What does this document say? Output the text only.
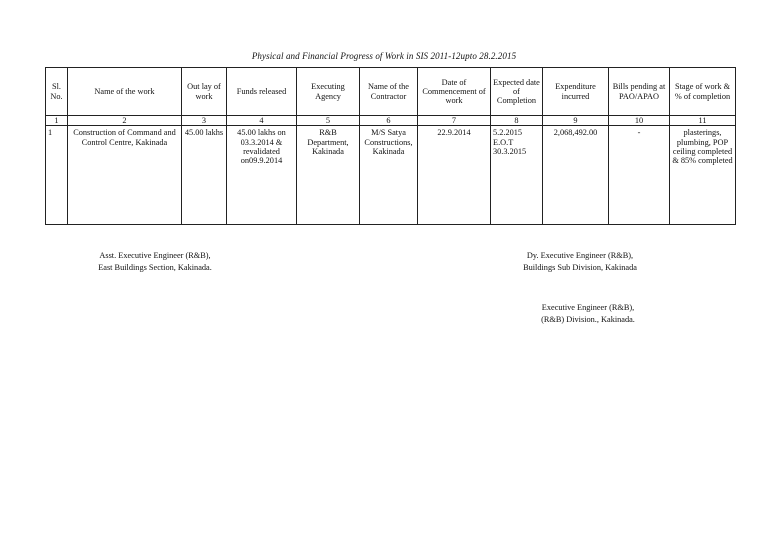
Physical and Financial Progress of Work in SIS 2011-12upto 28.2.2015
Sl. No.	Name of the work	Out lay of work	Funds released	Executing Agency	Name of the Contractor	Date of Commencement of work	Expected date of Completion	Expenditure incurred	Bills pending at PAO/APAO	Stage of work & % of completion
1	2	3	4	5	6	7	8	9	10	11
1	Construction of Command and Control Centre, Kakinada	45.00 lakhs	45.00 lakhs on 03.3.2014 & revalidated on09.9.2014	R&B Department, Kakinada	M/S Satya Constructions, Kakinada	22.9.2014	5.2.2015 E.O.T 30.3.2015	2,068,492.00	-	plasterings, plumbing, POP ceiling completed & 85% completed
Asst. Executive Engineer (R&B),
East Buildings Section, Kakinada.
Dy. Executive Engineer (R&B),
Buildings Sub Division, Kakinada
Executive Engineer (R&B),
(R&B) Division., Kakinada.
